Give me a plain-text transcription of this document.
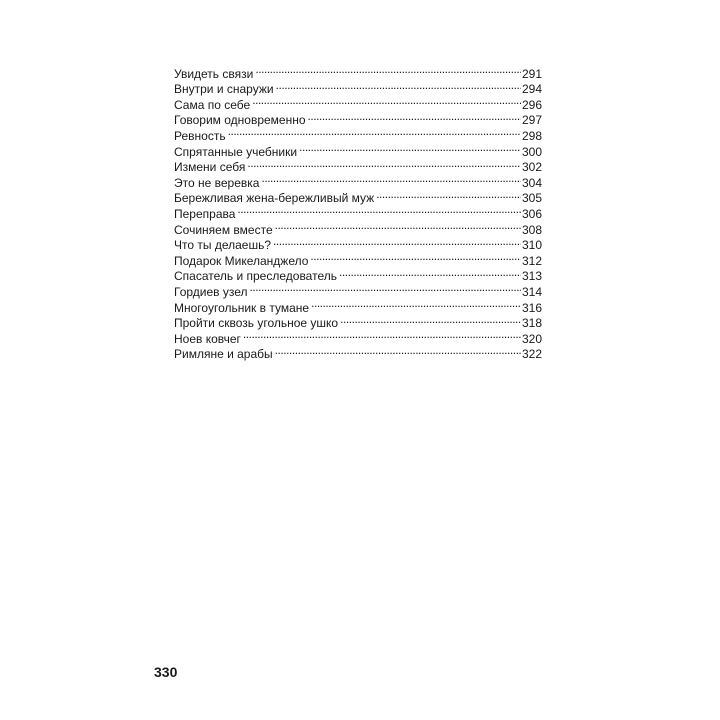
Увидеть связи . . .	291
Внутри и снаружи . . .	294
Сама по себе . . .	296
Говорим одновременно . . .	297
Ревность . . .	298
Спрятанные учебники . . .	300
Измени себя . . .	302
Это не веревка . . .	304
Бережливая жена-бережливый муж . . .	305
Переправа . . .	306
Сочиняем вместе . . .	308
Что ты делаешь? . . .	310
Подарок Микеланджело . . .	312
Спасатель и преследователь . . .	313
Гордиев узел . . .	314
Многоугольник в тумане . . .	316
Пройти сквозь угольное ушко . . .	318
Ноев ковчег . . .	320
Римляне и арабы . . .	322
330
